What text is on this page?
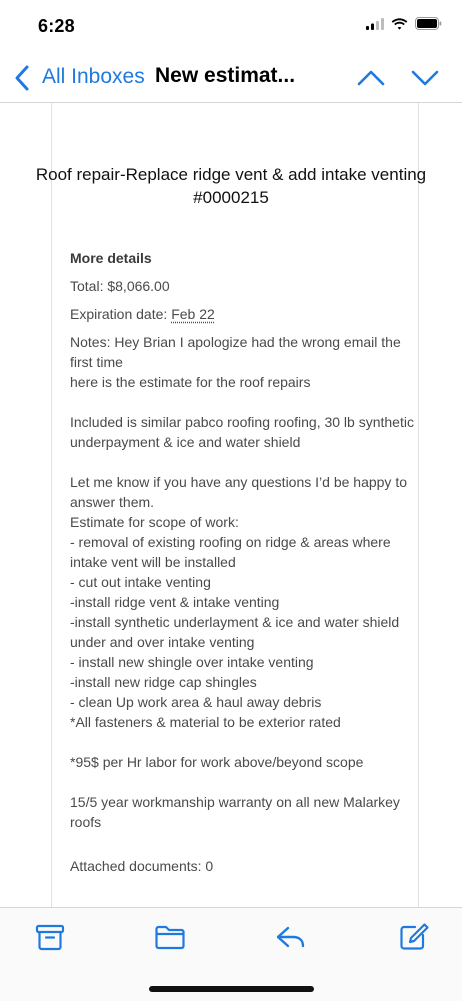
6:28
All Inboxes New estimat...
Roof repair-Replace ridge vent & add intake venting #0000215
More details

Total: $8,066.00

Expiration date: Feb 22

Notes: Hey Brian I apologize had the wrong email the first time
here is the estimate for the roof repairs

Included is similar pabco roofing roofing, 30 lb synthetic underpayment & ice and water shield

Let me know if you have any questions I’d be happy to answer them.
Estimate for scope of work:
- removal of existing roofing on ridge & areas where intake vent will be installed
- cut out intake venting
-install ridge vent & intake venting
-install synthetic underlayment & ice and water shield under and over intake venting
- install new shingle over intake venting
-install new ridge cap shingles
- clean Up work area & haul away debris
*All fasteners & material to be exterior rated

*95$ per Hr labor for work above/beyond scope

15/5 year workmanship warranty on all new Malarkey roofs

Attached documents: 0
